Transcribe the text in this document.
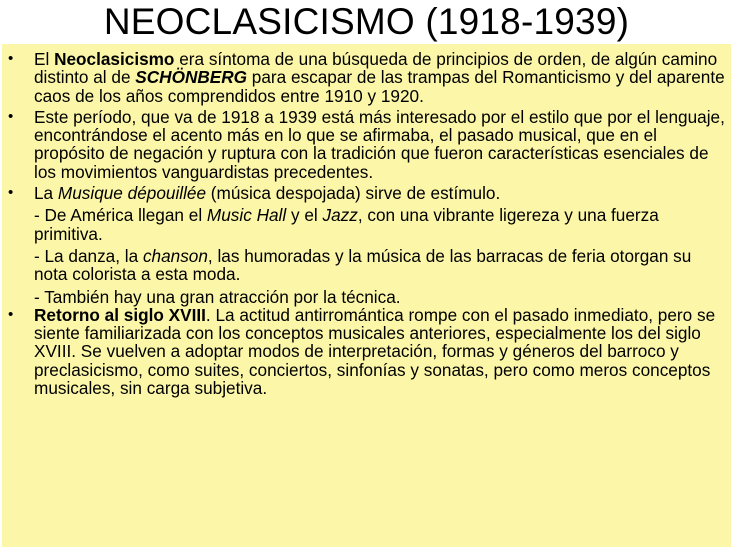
NEOCLASICISMO (1918-1939)
• El Neoclasicismo era síntoma de una búsqueda de principios de orden, de algún camino distinto al de SCHÖNBERG para escapar de las trampas del Romanticismo y del aparente caos de los años comprendidos entre 1910 y 1920.
• Este período, que va de 1918 a 1939 está más interesado por el estilo que por el lenguaje, encontrándose el acento más en lo que se afirmaba, el pasado musical, que en el propósito de negación y ruptura con la tradición que fueron características esenciales de los movimientos vanguardistas precedentes.
• La Musique dépouillée (música despojada) sirve de estímulo.
- De América llegan el Music Hall y el Jazz, con una vibrante ligereza y una fuerza primitiva.
- La danza, la chanson, las humoradas y la música de las barracas de feria otorgan su nota colorista a esta moda.
- También hay una gran atracción por la técnica.
• Retorno al siglo XVIII. La actitud antirromántica rompe con el pasado inmediato, pero se siente familiarizada con los conceptos musicales anteriores, especialmente los del siglo XVIII. Se vuelven a adoptar modos de interpretación, formas y géneros del barroco y preclasicismo, como suites, conciertos, sinfonías y sonatas, pero como meros conceptos musicales, sin carga subjetiva.
